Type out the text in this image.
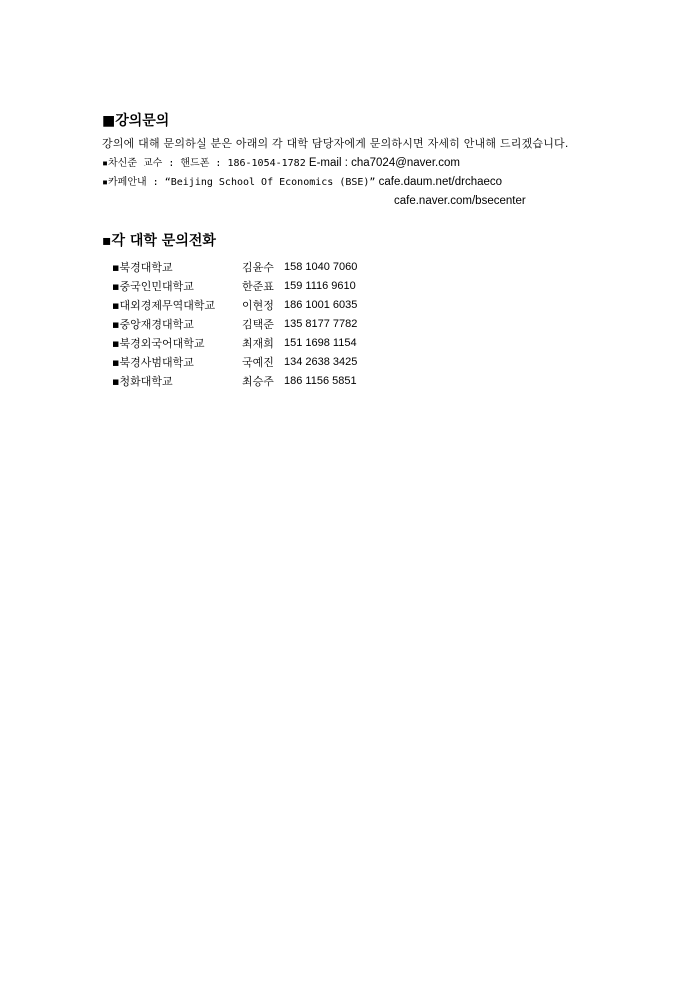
■강의문의
강의에 대해 문의하실 분은 아래의 각 대학 담당자에게 문의하시면 자세히 안내해 드리겠습니다.
▪차신준 교수 : 핸드폰 : 186-1054-1782 E-mail : cha7024@naver.com
▪카페안내 : “Beijing School Of Economics (BSE)” cafe.daum.net/drchaeco
cafe.naver.com/bsecenter
▪각 대학 문의전화
▪북경대학교	김윤수 158 1040 7060
▪중국인민대학교	한준표 159 1116 9610
▪대외경제무역대학교	이현정 186 1001 6035
▪중앙재경대학교	김택준 135 8177 7782
▪북경외국어대학교	최재희 151 1698 1154
▪북경사범대학교	국예진 134 2638 3425
▪청화대학교	최승주 186 1156 5851
